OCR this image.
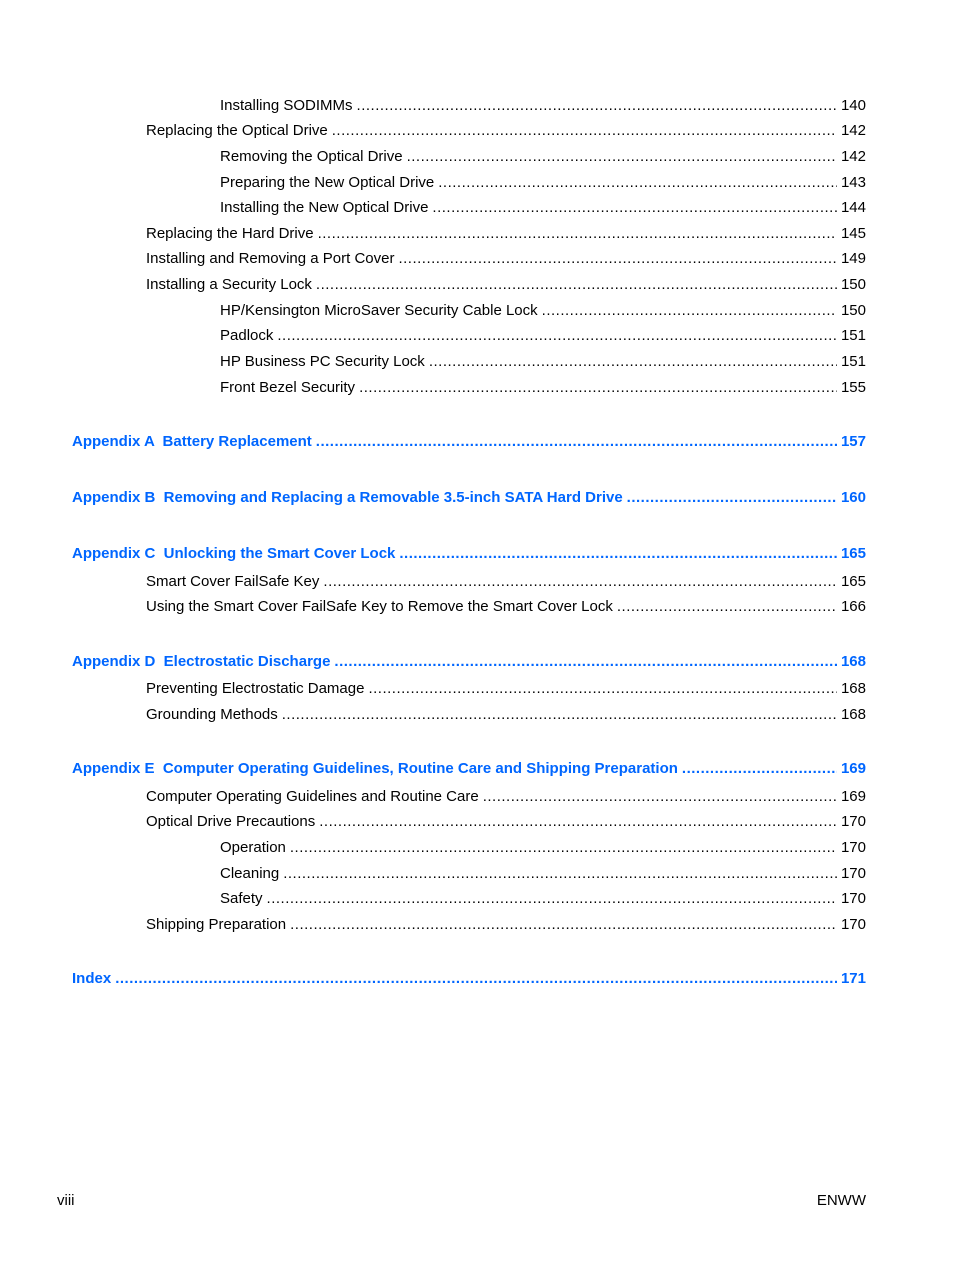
Installing SODIMMs .....	140
Replacing the Optical Drive .....	142
Removing the Optical Drive .....	142
Preparing the New Optical Drive .....	143
Installing the New Optical Drive .....	144
Replacing the Hard Drive .....	145
Installing and Removing a Port Cover .....	149
Installing a Security Lock .....	150
HP/Kensington MicroSaver Security Cable Lock .....	150
Padlock .....	151
HP Business PC Security Lock .....	151
Front Bezel Security .....	155
Appendix A  Battery Replacement .....	157
Appendix B  Removing and Replacing a Removable 3.5-inch SATA Hard Drive .....	160
Appendix C  Unlocking the Smart Cover Lock .....	165
Smart Cover FailSafe Key .....	165
Using the Smart Cover FailSafe Key to Remove the Smart Cover Lock .....	166
Appendix D  Electrostatic Discharge .....	168
Preventing Electrostatic Damage .....	168
Grounding Methods .....	168
Appendix E  Computer Operating Guidelines, Routine Care and Shipping Preparation .....	169
Computer Operating Guidelines and Routine Care .....	169
Optical Drive Precautions .....	170
Operation .....	170
Cleaning .....	170
Safety .....	170
Shipping Preparation .....	170
Index .....	171
viii	ENWW
